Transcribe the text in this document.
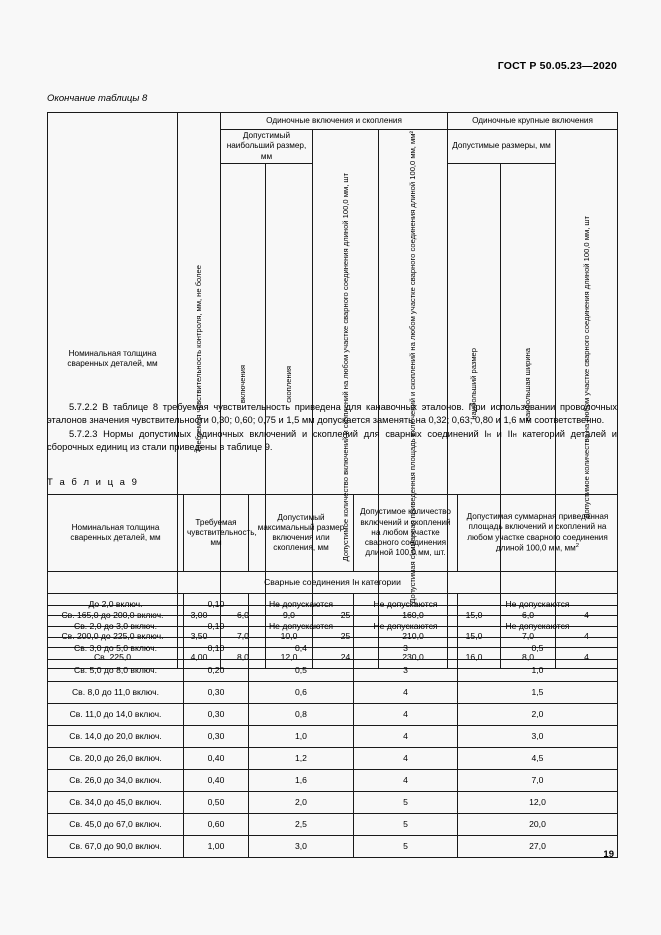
ГОСТ Р 50.05.23—2020
Окончание таблицы 8
Номинальная толщина сваренных деталей, мм	Требуемая чувствительность контроля, мм, не более	Одиночные включения и скопления				Одиночные крупные включения		
		Допустимый наибольший размер, мм		Допустимое количество включений и скоплений на любом участке сварного соединения длиной 100,0 мм, шт	Допустимая суммарная приведенная площадь включений и скоплений на любом участке сварного соединения длиной 100,0 мм, мм²	Допустимые размеры, мм		Допустимое количество на любом участке сварного соединения длиной 100,0 мм, шт

		включения	скопления			наибольший размер	наибольшая ширина	

Св. 165,0 до 200,0 включ.	3,00	6,0	9,0	25	160,0	15,0	6,0	4
Св. 200,0 до 225,0 включ.	3,50	7,0	10,0	25	210,0	15,0	7,0	4
Св. 225,0	4,00	8,0	12,0	24	230,0	16,0	8,0	4
5.7.2.2 В таблице 8 требуемая чувствительность приведена для канавочных эталонов. При использовании проволочных эталонов значения чувствительности 0,30; 0,60; 0,75 и 1,5 мм допускается заменять на 0,32; 0,63; 0,80 и 1,6 мм соответственно.
5.7.2.3 Нормы допустимых одиночных включений и скоплений для сварных соединений Iн и IIн категорий деталей и сборочных единиц из стали приведены в таблице 9.
Т а б л и ц а 9
Номинальная толщина сваренных деталей, мм	Требуемая чувствительность, мм	Допустимый максимальный размер включения или скопления, мм	Допустимое количество включений и скоплений на любом участке сварного соединения длиной 100,0 мм, шт.	Допустимая суммарная приведенная площадь включений и скоплений на любом участке сварного соединения длиной 100,0 мм, $мм^2$
Сварные соединения Iн категории				
До 2,0 включ.	0,10	Не допускаются	Не допускаются	Не допускаются
Св. 2,0 до 3,0 включ.	0,10	Не допускаются	Не допускаются	Не допускаются
Св. 3,0 до 5,0 включ.	0,10	0,4	3	0,5
Св. 5,0 до 8,0 включ.	0,20	0,5	3	1,0
Св. 8,0 до 11,0 включ.	0,30	0,6	4	1,5
Св. 11,0 до 14,0 включ.	0,30	0,8	4	2,0
Св. 14,0 до 20,0 включ.	0,30	1,0	4	3,0
Св. 20,0 до 26,0 включ.	0,40	1,2	4	4,5
Св. 26,0 до 34,0 включ.	0,40	1,6	4	7,0
Св. 34,0 до 45,0 включ.	0,50	2,0	5	12,0
Св. 45,0 до 67,0 включ.	0,60	2,5	5	20,0
Св. 67,0 до 90,0 включ.	1,00	3,0	5	27,0
19
